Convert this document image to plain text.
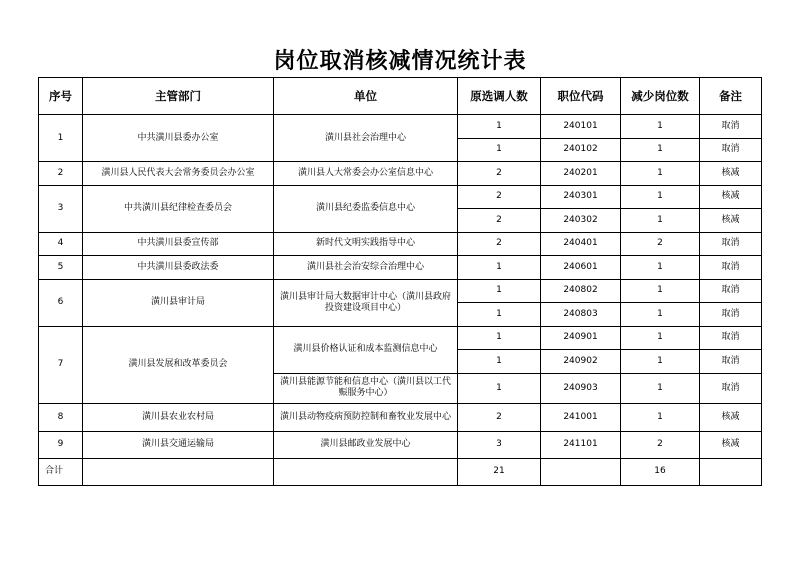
岗位取消核减情况统计表
序号	主管部门	单位	原选调人数	职位代码	减少岗位数	备注
1	中共潢川县委办公室	潢川县社会治理中心	1	240101	1	取消
			1	240102	1	取消
2	潢川县人民代表大会常务委员会办公室	潢川县人大常委会办公室信息中心	2	240201	1	核减
3	中共潢川县纪律检查委员会	潢川县纪委监委信息中心	2	240301	1	核减
			2	240302	1	核减
4	中共潢川县委宣传部	新时代文明实践指导中心	2	240401	2	取消
5	中共潢川县委政法委	潢川县社会治安综合治理中心	1	240601	1	取消
6	潢川县审计局	潢川县审计局大数据审计中心（潢川县政府投资建设项目中心）	1	240802	1	取消
			1	240803	1	取消
7	潢川县发展和改革委员会	潢川县价格认证和成本监测信息中心	1	240901	1	取消
			1	240902	1	取消
		潢川县能源节能和信息中心（潢川县以工代赈服务中心）	1	240903	1	取消
8	潢川县农业农村局	潢川县动物疫病预防控制和畜牧业发展中心	2	241001	1	核减
9	潢川县交通运输局	潢川县邮政业发展中心	3	241101	2	核减
合计			21		16	
